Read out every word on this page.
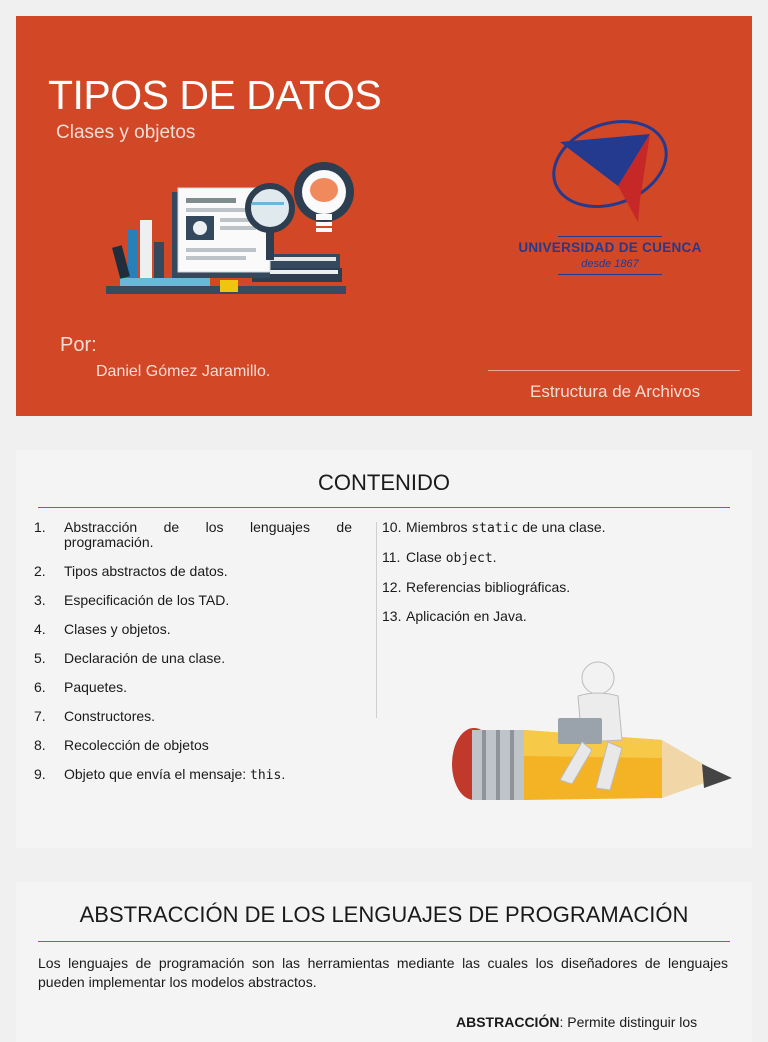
TIPOS DE DATOS
Clases y objetos
UNIVERSIDAD DE CUENCA
desde 1867
Por:
Daniel Gómez Jaramillo.
Estructura de Archivos
CONTENIDO
1.	Abstracción de los lenguajes de programación.
2.	Tipos abstractos de datos.
3.	Especificación de los TAD.
4.	Clases y objetos.
5.	Declaración de una clase.
6.	Paquetes.
7.	Constructores.
8.	Recolección de objetos
9.	Objeto que envía el mensaje: this.
10. Miembros static de una clase.
11. Clase object.
12. Referencias bibliográficas.
13. Aplicación en Java.
ABSTRACCIÓN DE LOS LENGUAJES DE PROGRAMACIÓN
Los lenguajes de programación son las herramientas mediante las cuales los diseñadores de lenguajes pueden implementar los modelos abstractos.
ABSTRACCIÓN: Permite distinguir los
